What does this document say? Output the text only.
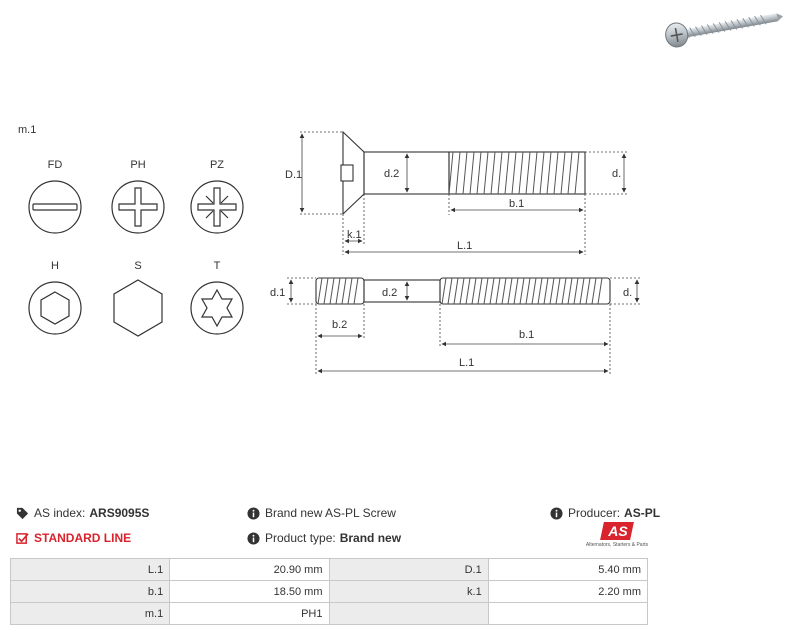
m.1
FD	PH	PZ
H	S	T
D.1	d.2	d.
b.1
k.1
L.1
d.1	d.2	d.
b.2
b.1
L.1
AS index: ARS9095S
STANDARD LINE
Brand new AS-PL Screw
Product type: Brand new
Producer: AS-PL
AS
Alternators, Starters & Parts
L.1	20.90 mm	D.1	5.40 mm
b.1	18.50 mm	k.1	2.20 mm
m.1	PH1		
